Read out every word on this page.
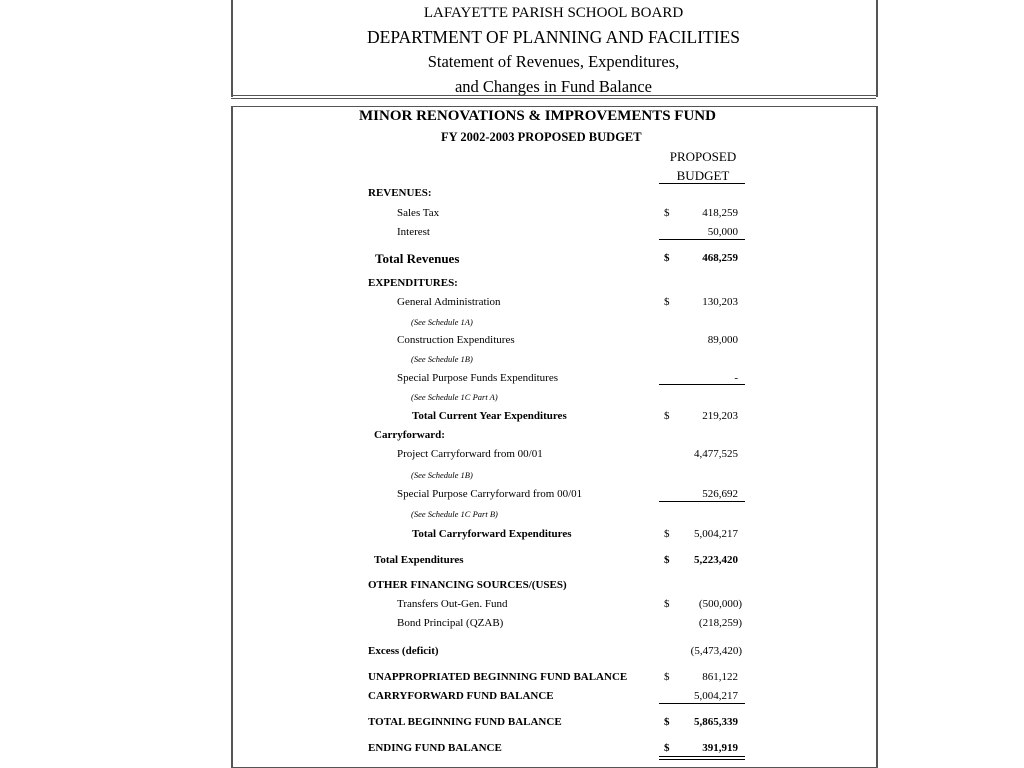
LAFAYETTE PARISH SCHOOL BOARD
DEPARTMENT OF PLANNING AND FACILITIES
Statement of Revenues, Expenditures,
and Changes in Fund Balance
MINOR RENOVATIONS & IMPROVEMENTS FUND
FY 2002-2003 PROPOSED BUDGET
PROPOSED
BUDGET
REVENUES:
Sales Tax	$	418,259
Interest	50,000
Total Revenues	$	468,259
EXPENDITURES:
General Administration	$	130,203
(See Schedule 1A)
Construction Expenditures	89,000
(See Schedule 1B)
Special Purpose Funds Expenditures	-
(See Schedule 1C Part A)
Total Current Year Expenditures	$	219,203
Carryforward:
Project Carryforward from 00/01	4,477,525
(See Schedule 1B)
Special Purpose Carryforward from 00/01	526,692
(See Schedule 1C Part B)
Total Carryforward Expenditures	$	5,004,217
Total Expenditures	$	5,223,420
OTHER FINANCING SOURCES/(USES)
Transfers Out-Gen. Fund	$	(500,000)
Bond Principal (QZAB)	(218,259)
Excess (deficit)	(5,473,420)
UNAPPROPRIATED BEGINNING FUND BALANCE	$	861,122
CARRYFORWARD FUND BALANCE	5,004,217
TOTAL BEGINNING FUND BALANCE	$	5,865,339
ENDING FUND BALANCE	$	391,919
